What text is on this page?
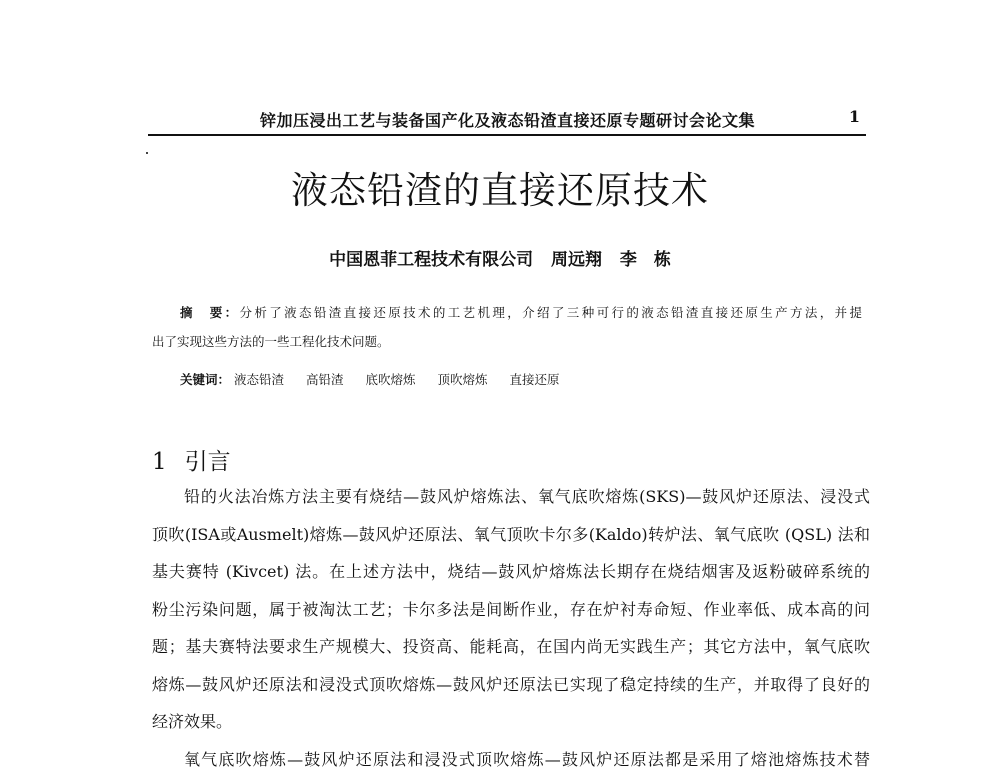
锌加压浸出工艺与装备国产化及液态铅渣直接还原专题研讨会论文集	1
液态铅渣的直接还原技术
中国恩菲工程技术有限公司 周远翔 李　栋
摘　要：分析了液态铅渣直接还原技术的工艺机理，介绍了三种可行的液态铅渣直接还原生产方法，并提
出了实现这些方法的一些工程化技术问题。
关键词： 液态铅渣 高铅渣 底吹熔炼 顶吹熔炼 直接还原
1 引言
铅的火法冶炼方法主要有烧结—鼓风炉熔炼法、氧气底吹熔炼(SKS)—鼓风炉还原法、浸没式
顶吹(ISA或Ausmelt)熔炼—鼓风炉还原法、氧气顶吹卡尔多(Kaldo)转炉法、氧气底吹 (QSL) 法和
基夫赛特 (Kivcet) 法。在上述方法中，烧结—鼓风炉熔炼法长期存在烧结烟害及返粉破碎系统的
粉尘污染问题，属于被淘汰工艺；卡尔多法是间断作业，存在炉衬寿命短、作业率低、成本高的问
题；基夫赛特法要求生产规模大、投资高、能耗高，在国内尚无实践生产；其它方法中，氧气底吹
熔炼—鼓风炉还原法和浸没式顶吹熔炼—鼓风炉还原法已实现了稳定持续的生产，并取得了良好的
经济效果。
氧气底吹熔炼—鼓风炉还原法和浸没式顶吹熔炼—鼓风炉还原法都是采用了熔池熔炼技术替
